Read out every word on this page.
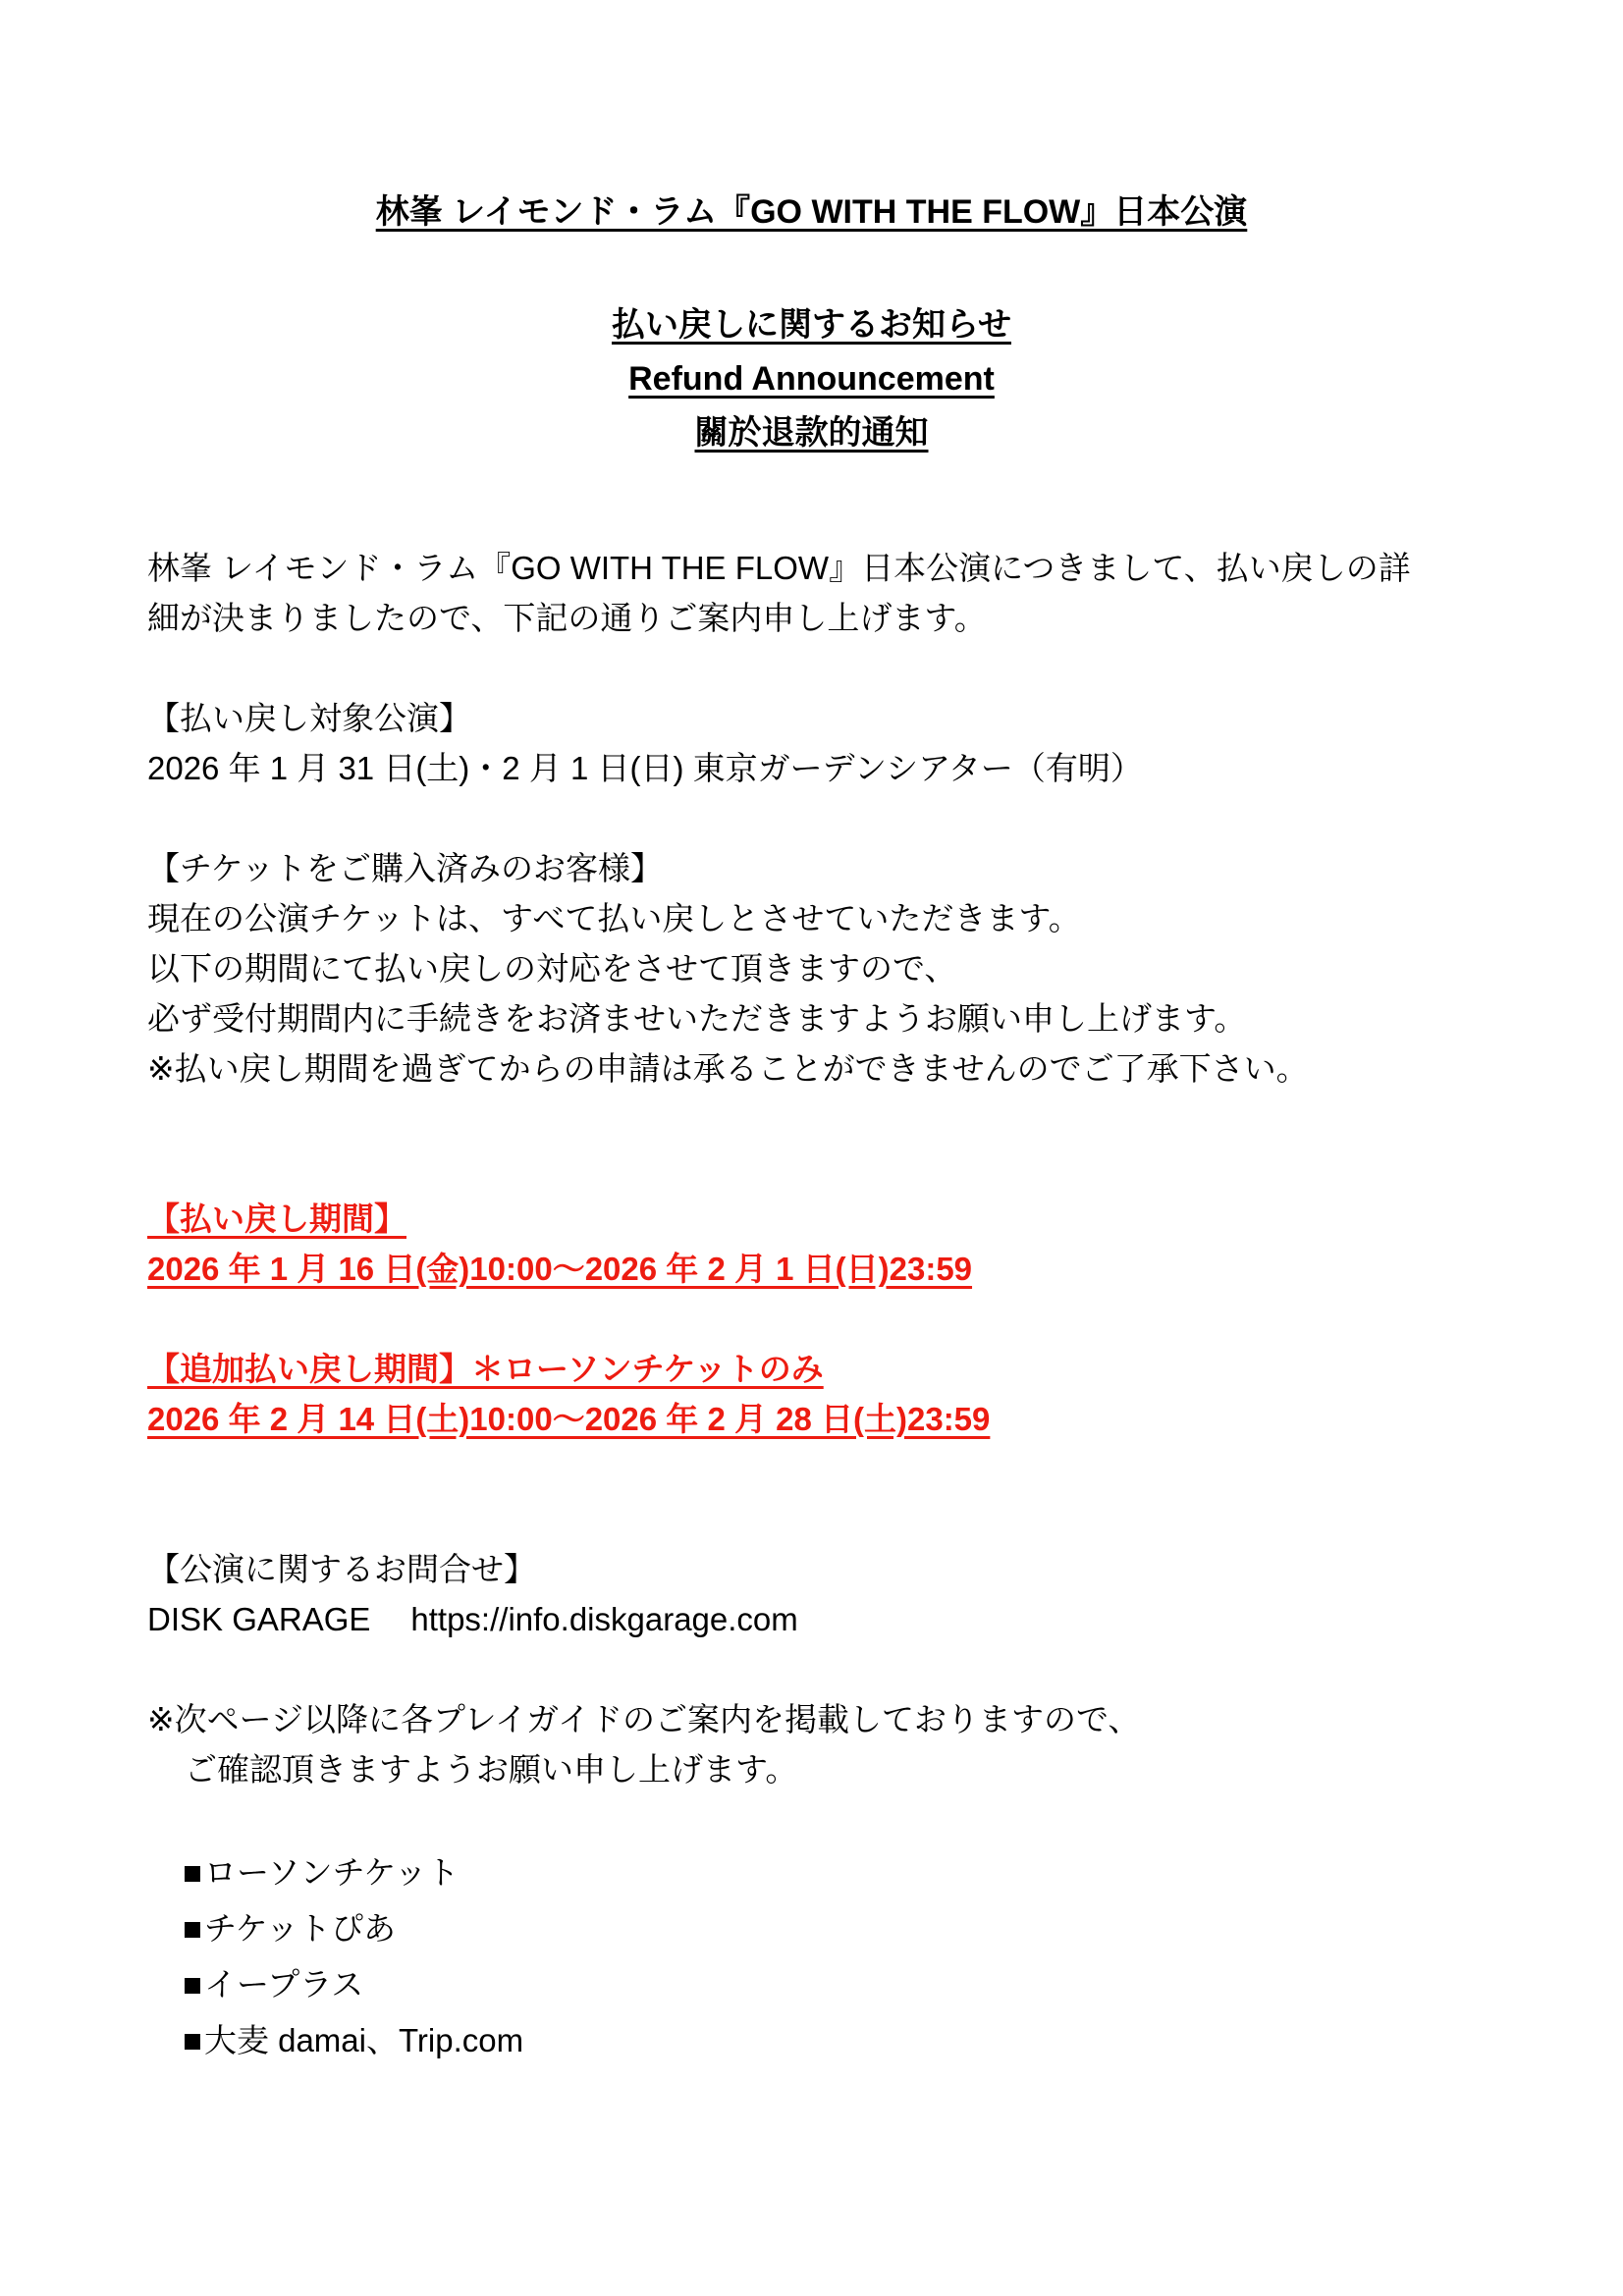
林峯 レイモンド・ラム『GO WITH THE FLOW』日本公演
払い戻しに関するお知らせ
Refund Announcement
關於退款的通知
林峯 レイモンド・ラム『GO WITH THE FLOW』日本公演につきまして、払い戻しの詳
細が決まりましたので、下記の通りご案内申し上げます。
【払い戻し対象公演】
2026 年 1 月 31 日(土)・2 月 1 日(日) 東京ガーデンシアター（有明）
【チケットをご購入済みのお客様】
現在の公演チケットは、すべて払い戻しとさせていただきます。
以下の期間にて払い戻しの対応をさせて頂きますので、
必ず受付期間内に手続きをお済ませいただきますようお願い申し上げます。
※払い戻し期間を過ぎてからの申請は承ることができませんのでご了承下さい。
【払い戻し期間】
2026 年 1 月 16 日(金)10:00～2026 年 2 月 1 日(日)23:59
【追加払い戻し期間】＊ローソンチケットのみ
2026 年 2 月 14 日(土)10:00～2026 年 2 月 28 日(土)23:59
【公演に関するお問合せ】
DISK GARAGE https://info.diskgarage.com
※次ページ以降に各プレイガイドのご案内を掲載しておりますので、
ご確認頂きますようお願い申し上げます。
■ローソンチケット
■チケットぴあ
■イープラス
■大麦 damai、Trip.com
